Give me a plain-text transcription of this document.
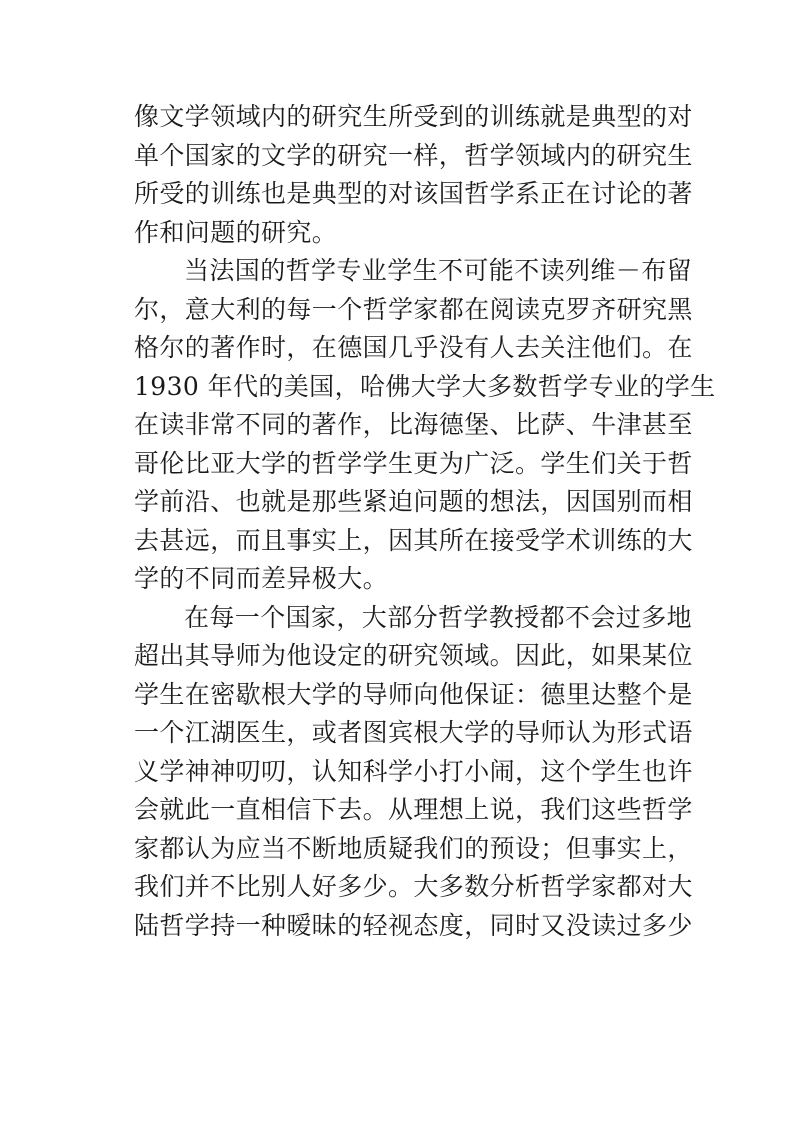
像文学领域内的研究生所受到的训练就是典型的对
单个国家的文学的研究一样，哲学领域内的研究生
所受的训练也是典型的对该国哲学系正在讨论的著
作和问题的研究。
当法国的哲学专业学生不可能不读列维－布留
尔，意大利的每一个哲学家都在阅读克罗齐研究黑
格尔的著作时，在德国几乎没有人去关注他们。在
1930 年代的美国，哈佛大学大多数哲学专业的学生
在读非常不同的著作，比海德堡、比萨、牛津甚至
哥伦比亚大学的哲学学生更为广泛。学生们关于哲
学前沿、也就是那些紧迫问题的想法，因国别而相
去甚远，而且事实上，因其所在接受学术训练的大
学的不同而差异极大。
在每一个国家，大部分哲学教授都不会过多地
超出其导师为他设定的研究领域。因此，如果某位
学生在密歇根大学的导师向他保证：德里达整个是
一个江湖医生，或者图宾根大学的导师认为形式语
义学神神叨叨，认知科学小打小闹，这个学生也许
会就此一直相信下去。从理想上说，我们这些哲学
家都认为应当不断地质疑我们的预设；但事实上，
我们并不比别人好多少。大多数分析哲学家都对大
陆哲学持一种暧昧的轻视态度，同时又没读过多少
